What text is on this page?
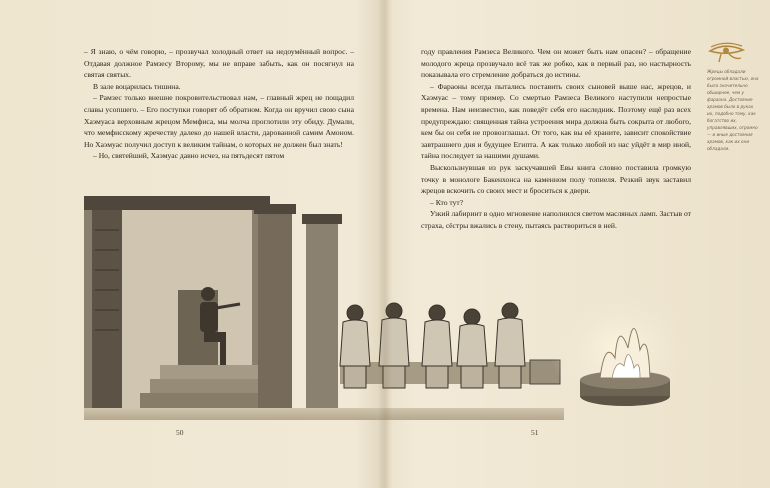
– Я знаю, о чём говорю, – прозвучал холодный ответ на недоумённый вопрос. – Отдавая должное Рамзесу Второму, мы не вправе забыть, как он посягнул на святая святых.

В зале воцарилась тишина.

– Рамзес только внешне покровительствовал нам, – главный жрец не пощадил славы усопшего. – Его поступки говорят об обратном. Когда он вручил свою сына Хаэмуаса верховным жрецом Мемфиса, мы молча проглотили эту обиду. Думали, что мемфисскому жречеству далеко до нашей власти, дарованной самим Амоном. Но Хаэмуас получил доступ к великим тайнам, о которых не должен был знать!

– Но, святейший, Хаэмуас давно исчез, на пятьдесят пятом

50

году правления Рамзеса Великого. Чем он может быть нам опасен? – обращение молодого жреца прозвучало всё так же робко, как в первый раз, но настырность показывала его стремление добраться до истины.

– Фараоны всегда пытались поставить своих сыновей выше нас, жрецов, и Хаэмуас – тому пример. Со смертью Рамзеса Великого наступили непростые времена. Нам неизвестно, как поведёт себя его наследник. Поэтому ещё раз всех предупреждаю: священная тайна устроения мира должна быть сокрыта от любого, кем бы он себя не провозглашал. От того, как вы её храните, зависит спокойствие завтрашнего дня и будущее Египта. А как только любой из нас уйдёт в мир иной, тайна последует за нашими душами.

Выскользнувшая из рук заскучавшей Евы книга словно поставила громкую точку в монологе Бакенхонса на каменном полу топиеля. Резкий звук заставил жрецов вскочить со своих мест и броситься к двери.

– Кто тут?

Узкий лабиринт в одно мгновение наполнился светом масляных ламп. Застыв от страха, сёстры вжались в стену, пытаясь раствориться в ней.

Жрецы обладали огромной властью, она была значительно обширнее, чем у фараона. Достояние храмов было в руках их, подобно тому, как богатство их, управлявших, огромно — и иные достояния храмов, как их они обладали.
51
